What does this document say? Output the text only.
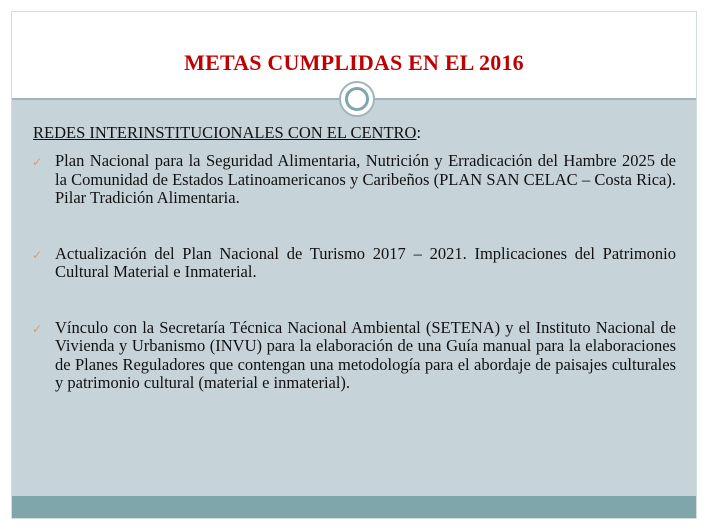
METAS CUMPLIDAS EN EL 2016
REDES INTERINSTITUCIONALES CON EL CENTRO:
✓ Plan Nacional para la Seguridad Alimentaria, Nutrición y Erradicación del Hambre 2025 de la Comunidad de Estados Latinoamericanos y Caribeños (PLAN SAN CELAC – Costa Rica). Pilar Tradición Alimentaria.
✓ Actualización del Plan Nacional de Turismo 2017 – 2021. Implicaciones del Patrimonio Cultural Material e Inmaterial.
✓ Vínculo con la Secretaría Técnica Nacional Ambiental (SETENA) y el Instituto Nacional de Vivienda y Urbanismo (INVU) para la elaboración de una Guía manual para la elaboraciones de Planes Reguladores que contengan una metodología para el abordaje de paisajes culturales y patrimonio cultural (material e inmaterial).
